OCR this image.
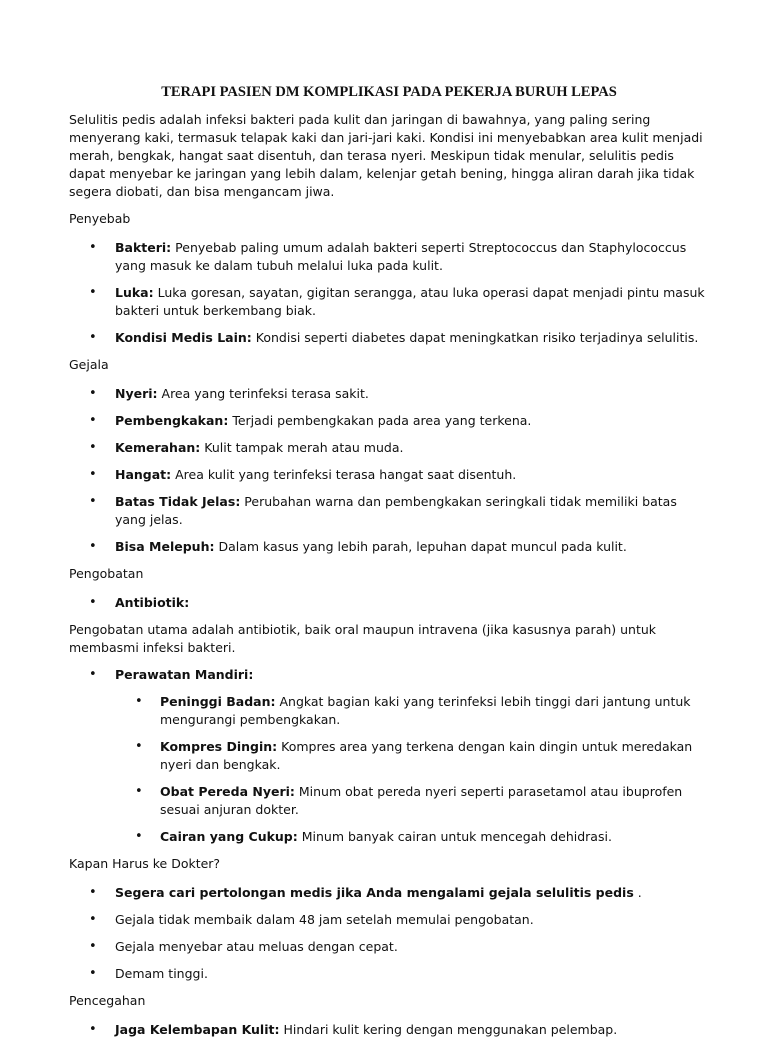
TERAPI PASIEN DM KOMPLIKASI PADA PEKERJA BURUH LEPAS

Selulitis pedis adalah infeksi bakteri pada kulit dan jaringan di bawahnya, yang paling sering menyerang kaki, termasuk telapak kaki dan jari-jari kaki. Kondisi ini menyebabkan area kulit menjadi merah, bengkak, hangat saat disentuh, dan terasa nyeri. Meskipun tidak menular, selulitis pedis dapat menyebar ke jaringan yang lebih dalam, kelenjar getah bening, hingga aliran darah jika tidak segera diobati, dan bisa mengancam jiwa.

Penyebab

• Bakteri: Penyebab paling umum adalah bakteri seperti Streptococcus dan Staphylococcus yang masuk ke dalam tubuh melalui luka pada kulit.
• Luka: Luka goresan, sayatan, gigitan serangga, atau luka operasi dapat menjadi pintu masuk bakteri untuk berkembang biak.
• Kondisi Medis Lain: Kondisi seperti diabetes dapat meningkatkan risiko terjadinya selulitis.

Gejala

• Nyeri: Area yang terinfeksi terasa sakit.
• Pembengkakan: Terjadi pembengkakan pada area yang terkena.
• Kemerahan: Kulit tampak merah atau muda.
• Hangat: Area kulit yang terinfeksi terasa hangat saat disentuh.
• Batas Tidak Jelas: Perubahan warna dan pembengkakan seringkali tidak memiliki batas yang jelas.
• Bisa Melepuh: Dalam kasus yang lebih parah, lepuhan dapat muncul pada kulit.

Pengobatan

• Antibiotik:

Pengobatan utama adalah antibiotik, baik oral maupun intravena (jika kasusnya parah) untuk membasmi infeksi bakteri.

• Perawatan Mandiri:
• Peninggi Badan: Angkat bagian kaki yang terinfeksi lebih tinggi dari jantung untuk mengurangi pembengkakan.
• Kompres Dingin: Kompres area yang terkena dengan kain dingin untuk meredakan nyeri dan bengkak.
• Obat Pereda Nyeri: Minum obat pereda nyeri seperti parasetamol atau ibuprofen sesuai anjuran dokter.
• Cairan yang Cukup: Minum banyak cairan untuk mencegah dehidrasi.

Kapan Harus ke Dokter?

• Segera cari pertolongan medis jika Anda mengalami gejala selulitis pedis .
• Gejala tidak membaik dalam 48 jam setelah memulai pengobatan.
• Gejala menyebar atau meluas dengan cepat.
• Demam tinggi.

Pencegahan

• Jaga Kelembapan Kulit: Hindari kulit kering dengan menggunakan pelembap.
